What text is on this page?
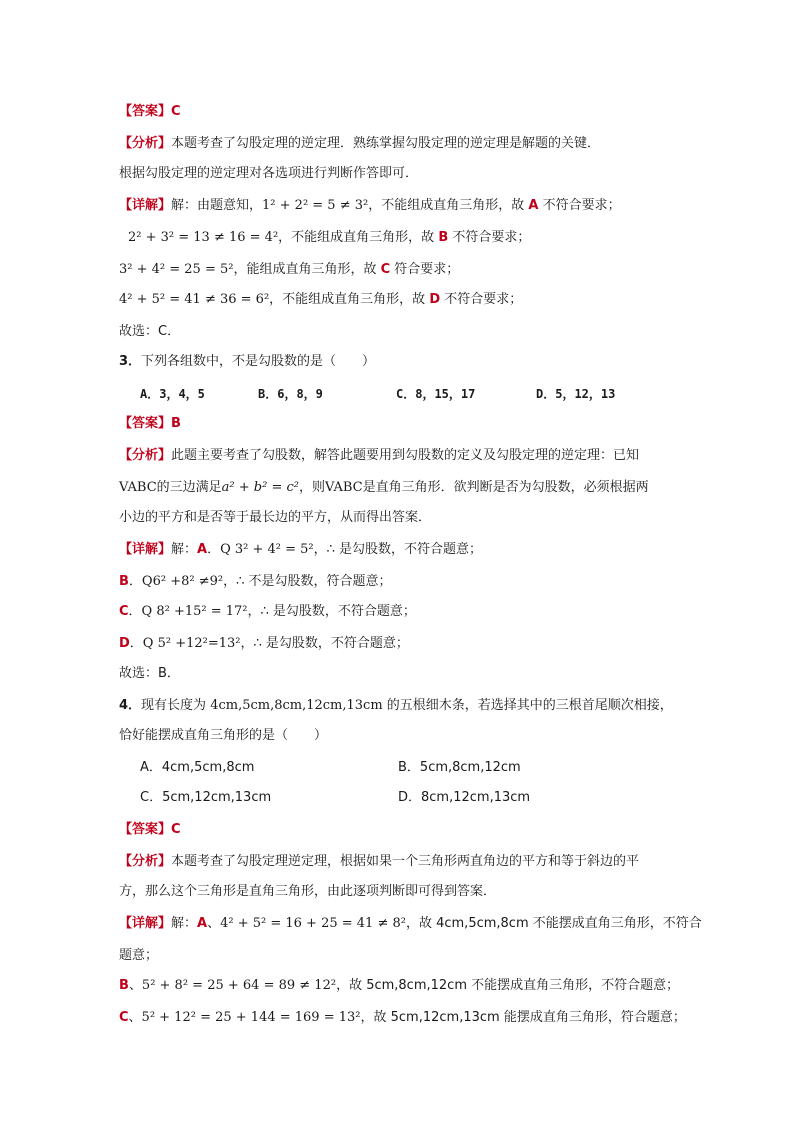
【答案】C
【分析】本题考查了勾股定理的逆定理．熟练掌握勾股定理的逆定理是解题的关键．
根据勾股定理的逆定理对各选项进行判断作答即可．
【详解】解：由题意知，1² + 2² = 5 ≠ 3²，不能组成直角三角形，故 A 不符合要求；
2² + 3² = 13 ≠ 16 = 4²，不能组成直角三角形，故 B 不符合要求；
3² + 4² = 25 = 5²，能组成直角三角形，故 C 符合要求；
4² + 5² = 41 ≠ 36 = 6²，不能组成直角三角形，故 D 不符合要求；
故选：C．
3．下列各组数中，不是勾股数的是（　　）
A．3，4，5	B．6，8，9	C．8，15，17	D．5，12，13
【答案】B
【分析】此题主要考查了勾股数，解答此题要用到勾股数的定义及勾股定理的逆定理：已知
VABC的三边满足a² + b² = c²，则VABC是直角三角形．欲判断是否为勾股数，必须根据两
小边的平方和是否等于最长边的平方，从而得出答案．
【详解】解：A．Q 3² + 4² = 5²，∴ 是勾股数，不符合题意；
B．Q6² +8² ≠9²，∴ 不是勾股数，符合题意；
C．Q 8² +15² = 17²，∴ 是勾股数，不符合题意；
D．Q 5² +12²=13²，∴ 是勾股数，不符合题意；
故选：B．
4．现有长度为 4cm,5cm,8cm,12cm,13cm 的五根细木条，若选择其中的三根首尾顺次相接，
恰好能摆成直角三角形的是（　　）
A．4cm,5cm,8cm	B．5cm,8cm,12cm
C．5cm,12cm,13cm	D．8cm,12cm,13cm
【答案】C
【分析】本题考查了勾股定理逆定理，根据如果一个三角形两直角边的平方和等于斜边的平
方，那么这个三角形是直角三角形，由此逐项判断即可得到答案．
【详解】解：A、4² + 5² = 16 + 25 = 41 ≠ 8²，故 4cm,5cm,8cm 不能摆成直角三角形，不符合
题意；
B、5² + 8² = 25 + 64 = 89 ≠ 12²，故 5cm,8cm,12cm 不能摆成直角三角形，不符合题意；
C、5² + 12² = 25 + 144 = 169 = 13²，故 5cm,12cm,13cm 能摆成直角三角形，符合题意；
